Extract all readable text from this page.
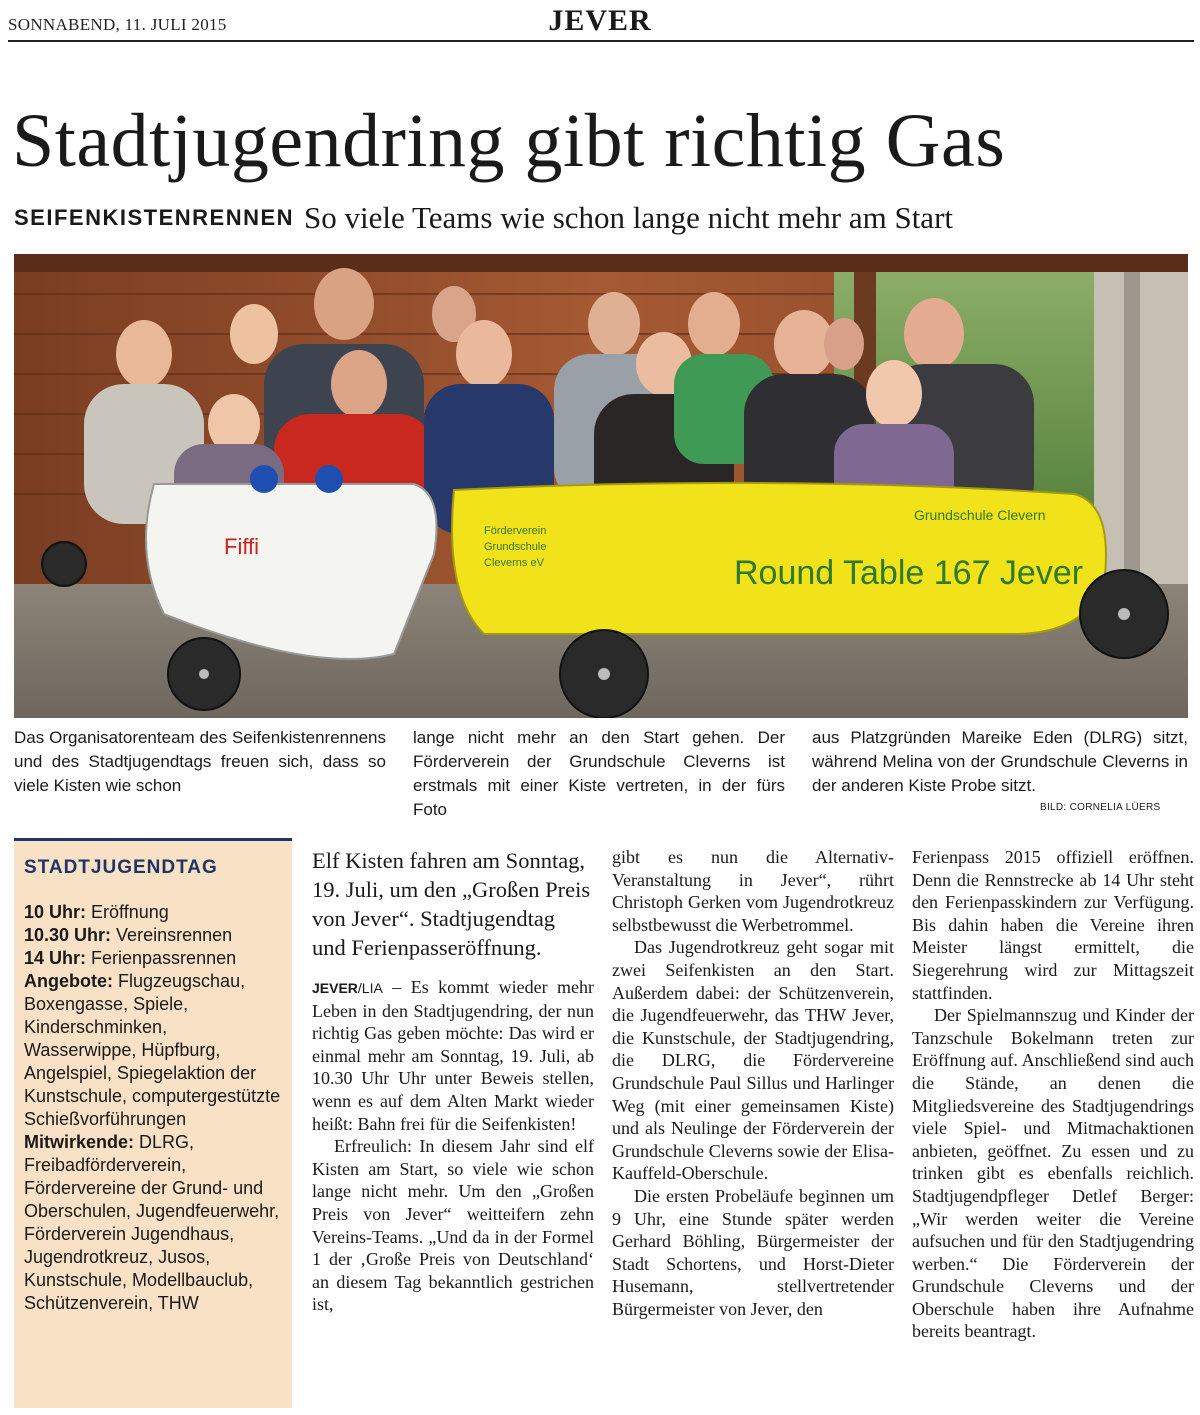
SONNABEND, 11. JULI 2015	JEVER
Stadtjugendring gibt richtig Gas
SEIFENKISTENRENNEN So viele Teams wie schon lange nicht mehr am Start
Fiffi
Round Table 167 Jever
Grundschule Clevern
Förderverein
Grundschule
Cleverns eV

Das Organisatorenteam des Seifenkistenrennens und des Stadtjugendtags freuen sich, dass so viele Kisten wie schon

lange nicht mehr an den Start gehen. Der Förderverein der Grundschule Cleverns ist erstmals mit einer Kiste vertreten, in der fürs Foto

aus Platzgründen Mareike Eden (DLRG) sitzt, während Melina von der Grundschule Cleverns in der anderen Kiste Probe sitzt.

BILD: CORNELIA LÜERS
STADTJUGENDTAG
10 Uhr: Eröffnung
10.30 Uhr: Vereinsrennen
14 Uhr: Ferienpassrennen
Angebote: Flugzeugschau, Boxengasse, Spiele, Kinderschminken, Wasserwippe, Hüpfburg, Angelspiel, Spiegelaktion der Kunstschule, computergestützte Schießvorführungen
Mitwirkende: DLRG, Freibadförderverein, Fördervereine der Grund- und Oberschulen, Jugendfeuerwehr, Förderverein Jugendhaus, Jugendrotkreuz, Jusos, Kunstschule, Modellbauclub, Schützenverein, THW

Elf Kisten fahren am Sonntag, 19. Juli, um den „Großen Preis von Jever“. Stadtjugendtag und Ferienpasseröffnung.

JEVER/LIA – Es kommt wieder mehr Leben in den Stadtjugendring, der nun richtig Gas geben möchte: Das wird er einmal mehr am Sonntag, 19. Juli, ab 10.30 Uhr Uhr unter Beweis stellen, wenn es auf dem Alten Markt wieder heißt: Bahn frei für die Seifenkisten!

Erfreulich: In diesem Jahr sind elf Kisten am Start, so viele wie schon lange nicht mehr. Um den „Großen Preis von Jever“ weitteifern zehn Vereins-Teams. „Und da in der Formel 1 der ‚Große Preis von Deutschland‘ an diesem Tag bekanntlich gestrichen ist,

gibt es nun die Alternativ-Veranstaltung in Jever“, rührt Christoph Gerken vom Jugendrotkreuz selbstbewusst die Werbetrommel.

Das Jugendrotkreuz geht sogar mit zwei Seifenkisten an den Start. Außerdem dabei: der Schützenverein, die Jugendfeuerwehr, das THW Jever, die Kunstschule, der Stadtjugendring, die DLRG, die Fördervereine Grundschule Paul Sillus und Harlinger Weg (mit einer gemeinsamen Kiste) und als Neulinge der Förderverein der Grundschule Cleverns sowie der Elisa-Kauffeld-Oberschule.

Die ersten Probeläufe beginnen um 9 Uhr, eine Stunde später werden Gerhard Böhling, Bürgermeister der Stadt Schortens, und Horst-Dieter Husemann, stellvertretender Bürgermeister von Jever, den

Ferienpass 2015 offiziell eröffnen. Denn die Rennstrecke ab 14 Uhr steht den Ferienpasskindern zur Verfügung. Bis dahin haben die Vereine ihren Meister längst ermittelt, die Siegerehrung wird zur Mittagszeit stattfinden.

Der Spielmannszug und Kinder der Tanzschule Bokelmann treten zur Eröffnung auf. Anschließend sind auch die Stände, an denen die Mitgliedsvereine des Stadtjugendrings viele Spiel- und Mitmachaktionen anbieten, geöffnet. Zu essen und zu trinken gibt es ebenfalls reichlich. Stadtjugendpfleger Detlef Berger: „Wir werden weiter die Vereine aufsuchen und für den Stadtjugendring werben.“ Die Förderverein der Grundschule Cleverns und der Oberschule haben ihre Aufnahme bereits beantragt.
